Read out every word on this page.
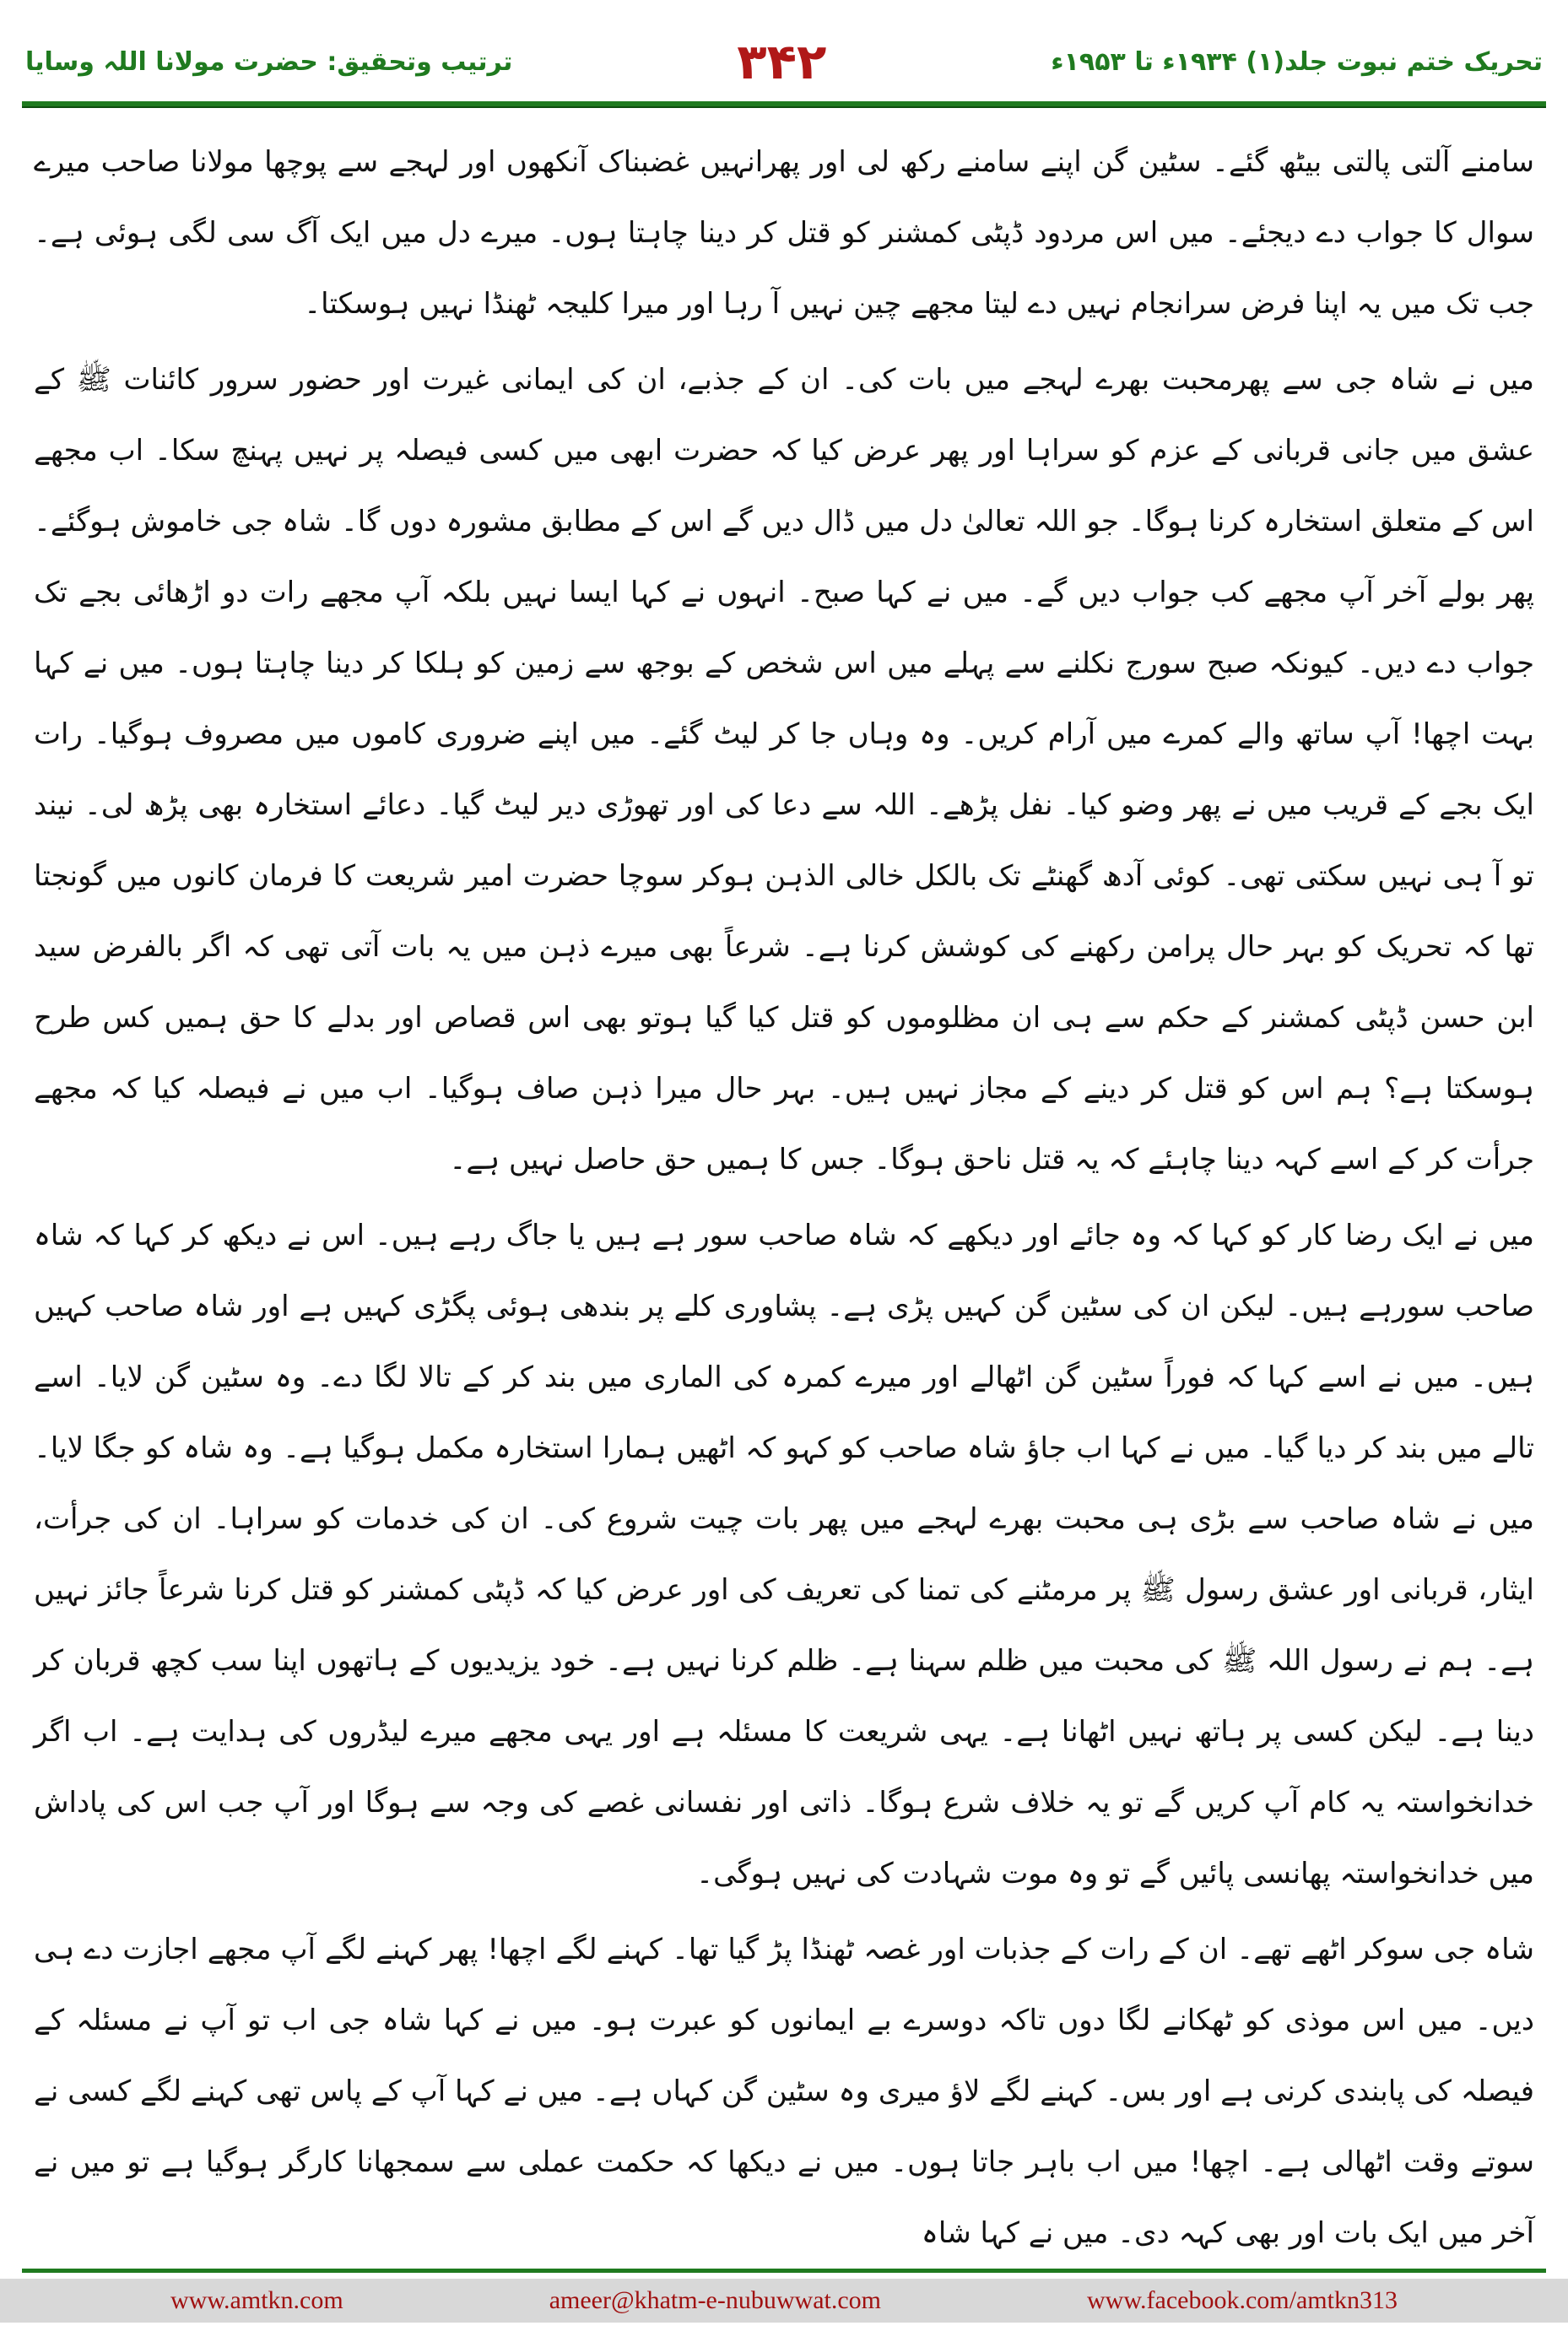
ترتیب وتحقیق: حضرت مولانا اللہ وسایا	۳۴۲	تحریک ختم نبوت جلد(۱) ۱۹۳۴ء تا ۱۹۵۳ء

سامنے آلتی پالتی بیٹھ گئے۔ سٹین گن اپنے سامنے رکھ لی اور پھرانہیں غضبناک آنکھوں اور لہجے سے پوچھا مولانا صاحب میرے سوال کا جواب دے دیجئے۔ میں اس مردود ڈپٹی کمشنر کو قتل کر دینا چاہتا ہوں۔ میرے دل میں ایک آگ سی لگی ہوئی ہے۔ جب تک میں یہ اپنا فرض سرانجام نہیں دے لیتا مجھے چین نہیں آ رہا اور میرا کلیجہ ٹھنڈا نہیں ہوسکتا۔

میں نے شاہ جی سے پھرمحبت بھرے لہجے میں بات کی۔ ان کے جذبے، ان کی ایمانی غیرت اور حضور سرور کائنات ﷺ کے عشق میں جانی قربانی کے عزم کو سراہا اور پھر عرض کیا کہ حضرت ابھی میں کسی فیصلہ پر نہیں پہنچ سکا۔ اب مجھے اس کے متعلق استخارہ کرنا ہوگا۔ جو اللہ تعالیٰ دل میں ڈال دیں گے اس کے مطابق مشورہ دوں گا۔ شاہ جی خاموش ہوگئے۔ پھر بولے آخر آپ مجھے کب جواب دیں گے۔ میں نے کہا صبح۔ انہوں نے کہا ایسا نہیں بلکہ آپ مجھے رات دو اڑھائی بجے تک جواب دے دیں۔ کیونکہ صبح سورج نکلنے سے پہلے میں اس شخص کے بوجھ سے زمین کو ہلکا کر دینا چاہتا ہوں۔ میں نے کہا بہت اچھا! آپ ساتھ والے کمرے میں آرام کریں۔ وہ وہاں جا کر لیٹ گئے۔ میں اپنے ضروری کاموں میں مصروف ہوگیا۔ رات ایک بجے کے قریب میں نے پھر وضو کیا۔ نفل پڑھے۔ اللہ سے دعا کی اور تھوڑی دیر لیٹ گیا۔ دعائے استخارہ بھی پڑھ لی۔ نیند تو آ ہی نہیں سکتی تھی۔ کوئی آدھ گھنٹے تک بالکل خالی الذہن ہوکر سوچا حضرت امیر شریعت کا فرمان کانوں میں گونجتا تھا کہ تحریک کو بہر حال پرامن رکھنے کی کوشش کرنا ہے۔ شرعاً بھی میرے ذہن میں یہ بات آتی تھی کہ اگر بالفرض سید ابن حسن ڈپٹی کمشنر کے حکم سے ہی ان مظلوموں کو قتل کیا گیا ہوتو بھی اس قصاص اور بدلے کا حق ہمیں کس طرح ہوسکتا ہے؟ ہم اس کو قتل کر دینے کے مجاز نہیں ہیں۔ بہر حال میرا ذہن صاف ہوگیا۔ اب میں نے فیصلہ کیا کہ مجھے جرأت کر کے اسے کہہ دینا چاہئے کہ یہ قتل ناحق ہوگا۔ جس کا ہمیں حق حاصل نہیں ہے۔

میں نے ایک رضا کار کو کہا کہ وہ جائے اور دیکھے کہ شاہ صاحب سور ہے ہیں یا جاگ رہے ہیں۔ اس نے دیکھ کر کہا کہ شاہ صاحب سورہے ہیں۔ لیکن ان کی سٹین گن کہیں پڑی ہے۔ پشاوری کلے پر بندھی ہوئی پگڑی کہیں ہے اور شاہ صاحب کہیں ہیں۔ میں نے اسے کہا کہ فوراً سٹین گن اٹھالے اور میرے کمرہ کی الماری میں بند کر کے تالا لگا دے۔ وہ سٹین گن لایا۔ اسے تالے میں بند کر دیا گیا۔ میں نے کہا اب جاؤ شاہ صاحب کو کہو کہ اٹھیں ہمارا استخارہ مکمل ہوگیا ہے۔ وہ شاہ کو جگا لایا۔ میں نے شاہ صاحب سے بڑی ہی محبت بھرے لہجے میں پھر بات چیت شروع کی۔ ان کی خدمات کو سراہا۔ ان کی جرأت، ایثار، قربانی اور عشق رسول ﷺ پر مرمٹنے کی تمنا کی تعریف کی اور عرض کیا کہ ڈپٹی کمشنر کو قتل کرنا شرعاً جائز نہیں ہے۔ ہم نے رسول اللہ ﷺ کی محبت میں ظلم سہنا ہے۔ ظلم کرنا نہیں ہے۔ خود یزیدیوں کے ہاتھوں اپنا سب کچھ قربان کر دینا ہے۔ لیکن کسی پر ہاتھ نہیں اٹھانا ہے۔ یہی شریعت کا مسئلہ ہے اور یہی مجھے میرے لیڈروں کی ہدایت ہے۔ اب اگر خدانخواستہ یہ کام آپ کریں گے تو یہ خلاف شرع ہوگا۔ ذاتی اور نفسانی غصے کی وجہ سے ہوگا اور آپ جب اس کی پاداش میں خدانخواستہ پھانسی پائیں گے تو وہ موت شہادت کی نہیں ہوگی۔

شاہ جی سوکر اٹھے تھے۔ ان کے رات کے جذبات اور غصہ ٹھنڈا پڑ گیا تھا۔ کہنے لگے اچھا! پھر کہنے لگے آپ مجھے اجازت دے ہی دیں۔ میں اس موذی کو ٹھکانے لگا دوں تاکہ دوسرے بے ایمانوں کو عبرت ہو۔ میں نے کہا شاہ جی اب تو آپ نے مسئلہ کے فیصلہ کی پابندی کرنی ہے اور بس۔ کہنے لگے لاؤ میری وہ سٹین گن کہاں ہے۔ میں نے کہا آپ کے پاس تھی کہنے لگے کسی نے سوتے وقت اٹھالی ہے۔ اچھا! میں اب باہر جاتا ہوں۔ میں نے دیکھا کہ حکمت عملی سے سمجھانا کارگر ہوگیا ہے تو میں نے آخر میں ایک بات اور بھی کہہ دی۔ میں نے کہا شاہ

www.amtkn.com	ameer@khatm-e-nubuwwat.com	www.facebook.com/amtkn313
